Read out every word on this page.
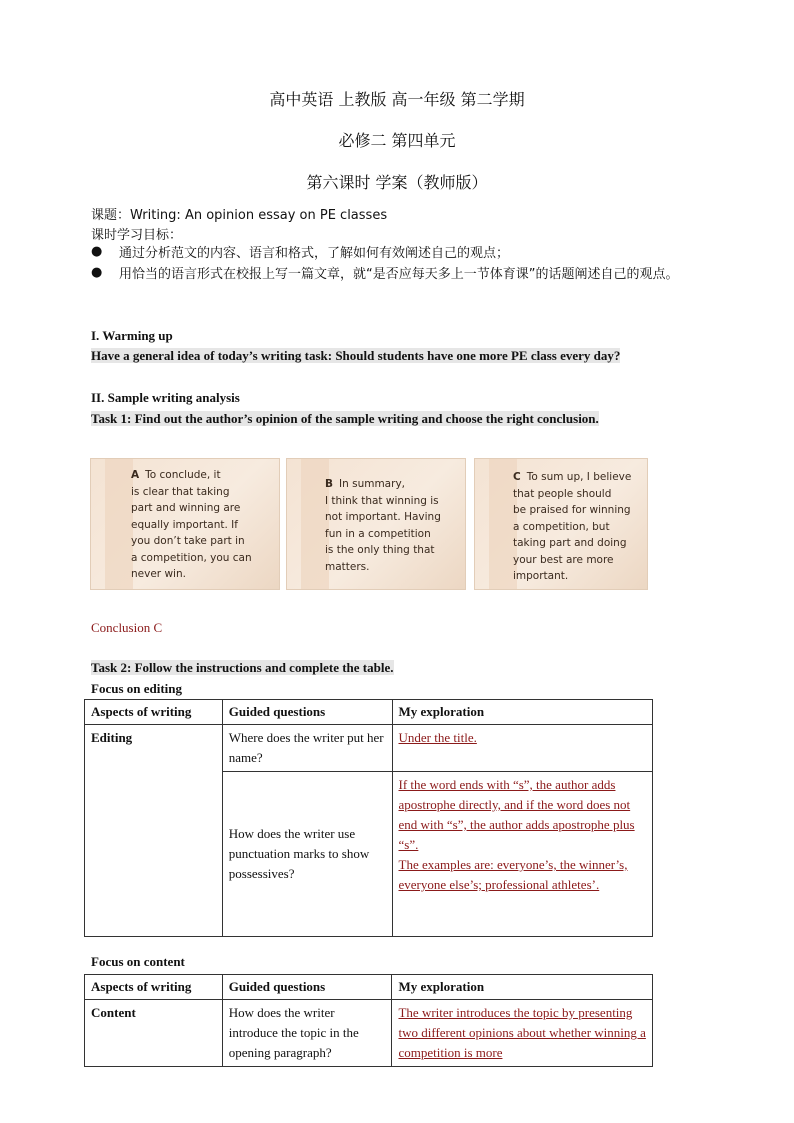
高中英语 上教版 高一年级 第二学期
必修二 第四单元
第六课时 学案（教师版）
课题：Writing: An opinion essay on PE classes
课时学习目标：
● 通过分析范文的内容、语言和格式，了解如何有效阐述自己的观点；
● 用恰当的语言形式在校报上写一篇文章，就“是否应每天多上一节体育课”的话题阐述自己的观点。
I. Warming up
Have a general idea of today’s writing task: Should students have one more PE class every day?
II. Sample writing analysis
Task 1: Find out the author’s opinion of the sample writing and choose the right conclusion.
A To conclude, it
is clear that taking
part and winning are
equally important. If
you don’t take part in
a competition, you can
never win.
B In summary,
I think that winning is
not important. Having
fun in a competition
is the only thing that
matters.
C To sum up, I believe
that people should
be praised for winning
a competition, but
taking part and doing
your best are more
important.
Conclusion C
Task 2: Follow the instructions and complete the table.
Focus on editing
Aspects of writing	Guided questions	My exploration
Editing	Where does the writer put her name?	Under the title.
	How does the writer use punctuation marks to show possessives?	If the word ends with “s”, the author adds apostrophe directly, and if the word does not end with “s”, the author adds apostrophe plus “s”.
The examples are: everyone’s, the winner’s, everyone else’s; professional athletes’.
Focus on content
Aspects of writing	Guided questions	My exploration
Content	How does the writer introduce the topic in the opening paragraph?	The writer introduces the topic by presenting two different opinions about whether winning a competition is more
